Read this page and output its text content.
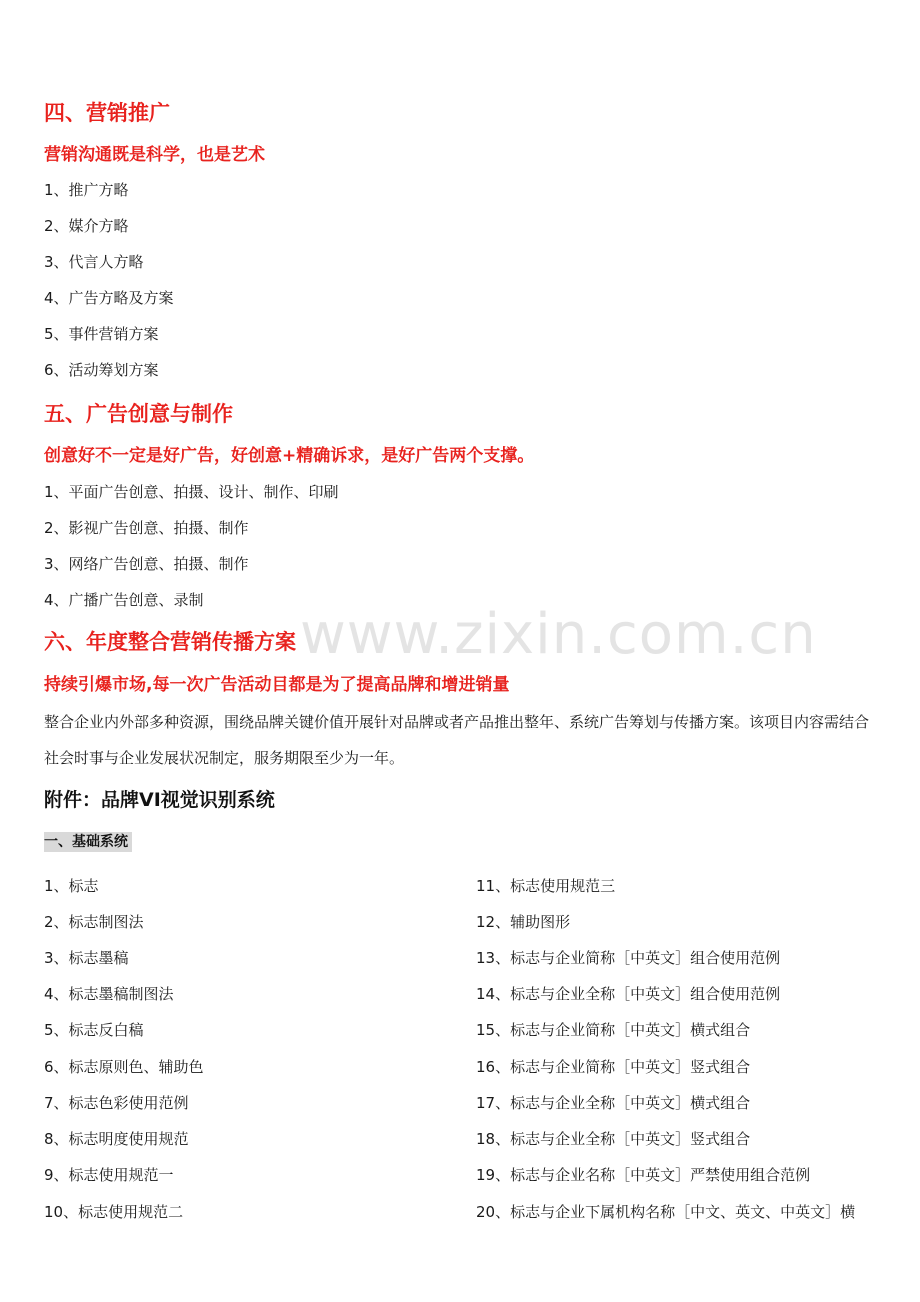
www.zixin.com.cn
四、营销推广
营销沟通既是科学，也是艺术
1、推广方略
2、媒介方略
3、代言人方略
4、广告方略及方案
5、事件营销方案
6、活动筹划方案
五、广告创意与制作
创意好不一定是好广告，好创意+精确诉求，是好广告两个支撑。
1、平面广告创意、拍摄、设计、制作、印刷
2、影视广告创意、拍摄、制作
3、网络广告创意、拍摄、制作
4、广播广告创意、录制
六、年度整合营销传播方案
持续引爆市场,每一次广告活动目都是为了提高品牌和增进销量
整合企业内外部多种资源，围绕品牌关键价值开展针对品牌或者产品推出整年、系统广告筹划与传播方案。该项目内容需结合社会时事与企业发展状况制定，服务期限至少为一年。
附件：品牌VI视觉识别系统
一、基础系统
1、标志
2、标志制图法
3、标志墨稿
4、标志墨稿制图法
5、标志反白稿
6、标志原则色、辅助色
7、标志色彩使用范例
8、标志明度使用规范
9、标志使用规范一
10、标志使用规范二
11、标志使用规范三
12、辅助图形
13、标志与企业简称［中英文］组合使用范例
14、标志与企业全称［中英文］组合使用范例
15、标志与企业简称［中英文］横式组合
16、标志与企业简称［中英文］竖式组合
17、标志与企业全称［中英文］横式组合
18、标志与企业全称［中英文］竖式组合
19、标志与企业名称［中英文］严禁使用组合范例
20、标志与企业下属机构名称［中文、英文、中英文］横
